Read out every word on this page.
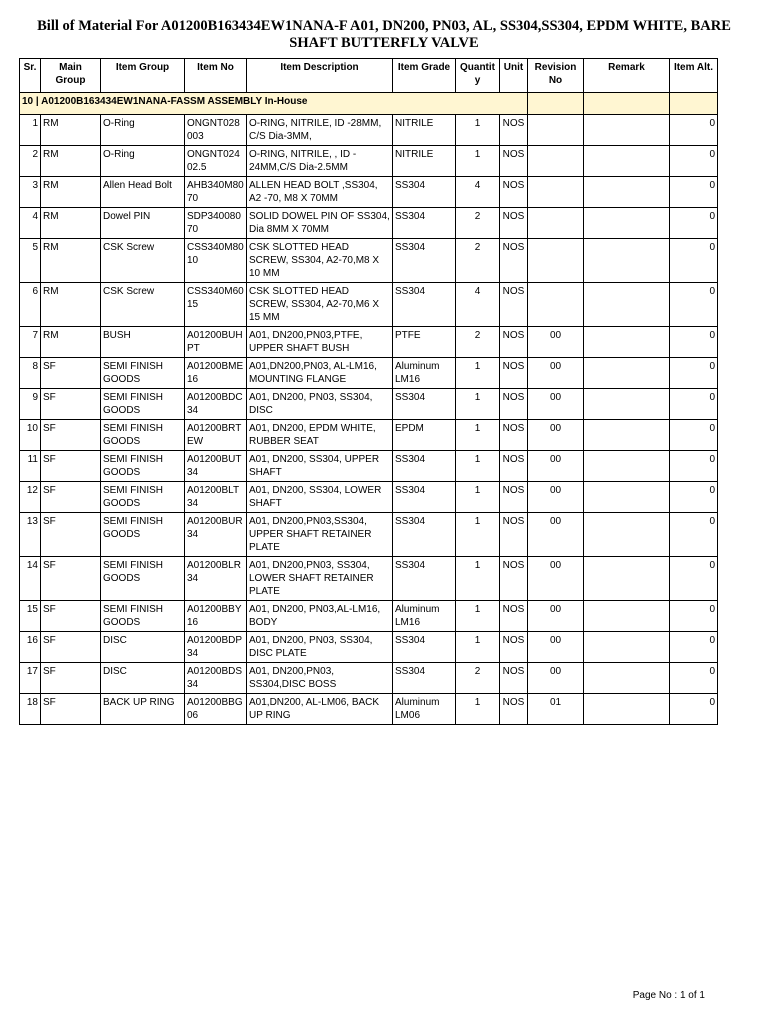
Bill of Material For A01200B163434EW1NANA-F A01, DN200, PN03, AL, SS304,SS304, EPDM WHITE, BARE
SHAFT BUTTERFLY VALVE
Sr.	Main Group	Item Group	Item No	Item Description	Item Grade	Quantity	Unit	Revision No	Remark	Item Alt.
10 | A01200B163434EW1NANA-FASSM ASSEMBLY In-House										
1	RM	O-Ring	ONGNT028003	O-RING, NITRILE, ID -28MM, C/S Dia-3MM,	NITRILE	1	NOS			0
2	RM	O-Ring	ONGNT02402.5	O-RING, NITRILE, , ID - 24MM,C/S Dia-2.5MM	NITRILE	1	NOS			0
3	RM	Allen Head Bolt	AHB340M8070	ALLEN HEAD BOLT ,SS304, A2 -70, M8 X 70MM	SS304	4	NOS			0
4	RM	Dowel PIN	SDP34008070	SOLID DOWEL PIN OF SS304, Dia 8MM X 70MM	SS304	2	NOS			0
5	RM	CSK Screw	CSS340M8010	CSK SLOTTED HEAD SCREW, SS304, A2-70,M8 X 10 MM	SS304	2	NOS			0
6	RM	CSK Screw	CSS340M6015	CSK SLOTTED HEAD SCREW, SS304, A2-70,M6 X 15 MM	SS304	4	NOS			0
7	RM	BUSH	A01200BUHPT	A01, DN200,PN03,PTFE, UPPER SHAFT BUSH	PTFE	2	NOS	00		0
8	SF	SEMI FINISH GOODS	A01200BME16	A01,DN200,PN03, AL-LM16, MOUNTING FLANGE	Aluminum LM16	1	NOS	00		0
9	SF	SEMI FINISH GOODS	A01200BDC34	A01, DN200, PN03, SS304, DISC	SS304	1	NOS	00		0
10	SF	SEMI FINISH GOODS	A01200BRTEW	A01, DN200, EPDM WHITE, RUBBER SEAT	EPDM	1	NOS	00		0
11	SF	SEMI FINISH GOODS	A01200BUT34	A01, DN200, SS304, UPPER SHAFT	SS304	1	NOS	00		0
12	SF	SEMI FINISH GOODS	A01200BLT34	A01, DN200, SS304, LOWER SHAFT	SS304	1	NOS	00		0
13	SF	SEMI FINISH GOODS	A01200BUR34	A01, DN200,PN03,SS304, UPPER SHAFT RETAINER PLATE	SS304	1	NOS	00		0
14	SF	SEMI FINISH GOODS	A01200BLR34	A01, DN200,PN03, SS304, LOWER SHAFT RETAINER PLATE	SS304	1	NOS	00		0
15	SF	SEMI FINISH GOODS	A01200BBY16	A01, DN200, PN03,AL-LM16, BODY	Aluminum LM16	1	NOS	00		0
16	SF	DISC	A01200BDP34	A01, DN200, PN03, SS304, DISC PLATE	SS304	1	NOS	00		0
17	SF	DISC	A01200BDS34	A01, DN200,PN03, SS304,DISC BOSS	SS304	2	NOS	00		0
18	SF	BACK UP RING	A01200BBG06	A01,DN200, AL-LM06, BACK UP RING	Aluminum LM06	1	NOS	01		0
Page No : 1 of 1
